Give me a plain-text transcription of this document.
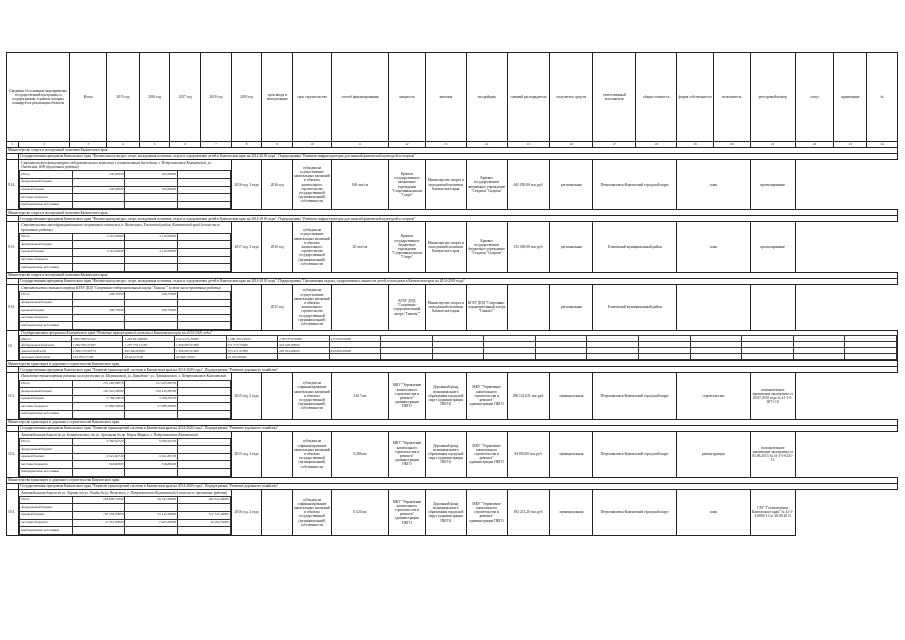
Сведения об основных мероприятиях государственной программы и подпрограммы, в рамках которых планируется реализация объектов	Итого	2015 год	2016 год	2017 год	2018 год	2019 год	срок ввода в эксплуатацию	срок строительства	способ финансирования	мощность	заказчик	застройщик	главный распорядитель	получатель средств	ответственный исполнитель	общая стоимость	форма собственности	исполнитель	реестровый номер	статус	примечание	№
1	2	3	4	5	6	7	8	9	10	11	12	13	14	15	16	17	18	19	20	21	22	23	24
Министерство спорта и молодежной политики Камчатского края
	Государственная программа Камчатского края "Физическая культура, спорт, молодежная политика, отдых и оздоровление детей в Камчатском крае на 2014-2018 годы". Подпрограмма "Развитие инфраструктуры для занятий физической культурой и спортом"
9.14.	
Строительство физкультурно-оздоровительного комплекса с плавательным бассейном, г. Петропавловск-Камчатский, ул. Онежская, 8/09 (проектные работы)
Итого	100,00000	100,00000	
федеральный бюджет			
краевой бюджет	100,00000	100,00000	
местные бюджеты			
внебюджетные источники			
	2016 год, 3 года	2016 год	субсидия на осуществление капитальных вложений в объекты капитального строительства государственной (муниципальной) собственности	168 чел/см	Краевое государственное автономное учреждение "Спортивная школа "Спорт"	Министерство спорта и молодежной политики Камчатского края	Краевое государственное автономное учреждение "Стадион "Спартак"	645 050,00 тыс.руб.	региональная	Петропавловск-Камчатский городской округ	план	проектирование
Министерство спорта и молодежной политики Камчатского края
	Государственная программа Камчатского края "Физическая культура, спорт, молодежная политика, отдых и оздоровление детей в Камчатском крае на 2014-2018 годы". Подпрограмма "Развитие инфраструктуры для занятий физической культурой и спортом"
9.15.	
Строительство многофункционального спортивного комплекса, п. Вилючинск, Елизовский район, Камчатский край (в том числе проектные работы)
Итого	2 110,09000	2 110,09000	
федеральный бюджет			
краевой бюджет	2 110,09000	2 110,09000	
местные бюджеты			
внебюджетные источники			
	2017 год, 3 года	2016 год	субсидия на осуществление капитальных вложений в объекты капитального строительства государственной (муниципальной) собственности	20 чел/см	Краевое государственное бюджетное учреждение "Спортивная школа "Спорт"	Министерство спорта и молодежной политики Камчатского края	Краевое государственное бюджетное учреждение "Стадион "Спартак"	135 000,00 тыс.руб.	региональная	Елизовский муниципальный район	план	проектирование
Министерство спорта и молодежной политики Камчатского края
	Государственная программа Камчатского края "Физическая культура, спорт, молодежная политика, отдых и оздоровление детей в Камчатском крае на 2014-2018 годы". Подпрограмма "Организация отдыха, оздоровления и занятости детей и молодежи в Камчатском крае на 2014-2018 годы"
9.16.	
Строительство спального корпуса КГАУ ДОД "Спортивно-оздоровительный лагерь "Ганалы"" (в том числе проектные работы)
Итого	168,75000	168,75000	
федеральный бюджет			
краевой бюджет	168,75000	168,75000	
местные бюджеты			
внебюджетные источники			
		2015 год	субсидия на осуществление капитальных вложений в объекты капитального строительства государственной (муниципальной) собственности		КГАУ ДОД "Спортивно-оздоровительный лагерь "Ганалы""	Министерство спорта и молодежной политики Камчатского края	КГАУ ДОД "Спортивно-оздоровительный лагерь "Ганалы""		региональная	Елизовский муниципальный район		
10.	
Государственная программа Камчатского края "Развитие транспортной системы в Камчатском крае на 2014-2020 годы"
Итого	3 807 863,91912	1 405 841,80900	1 014 271,39900	1 286 470,72900	1 007 879,90000	915 000,00000										
федеральный бюджет	1 082 081,97187	1 475 779,17187	1 390 087,07000	171 575,73900	345 940,00000											
краевой бюджет	2 389 270,99774	493 482,83500	1 306 087,07000	173 471,97000	240 014,00000	816 800,00000										
местные бюджеты	139 930,77100	40 424,77100	26 966,77000	25 079,00000												

Министерство транспорта и дорожного строительства Камчатского края
	Государственная программа Камчатского края "Развитие транспортной системы в Камчатском крае на 2014-2020 годы". Подпрограмма "Развитие дорожного хозяйства"
10.1.	
Пешеходно-транспортная развязка на пересечении ул. Пограничной, ул. Давыдова - ул. Лукашевского, г. Петропавловск-Камчатский
Итого	151 265,08576	151 265,08576	
федеральный бюджет	120 416,38500	120 416,38500	
краевой бюджет	3 768,20076	3 768,20076	
местные бюджеты	27 080,50000	27 080,50000	
внебюджетные источники			
	2015 год, 2 года		субсидия на софинансирование капитальных вложений в объекты государственной (муниципальной) собственности	3,617 км	МКУ "Управление капитального строительства и ремонта" администрации ПКГО	Дорожный фонд муниципального образования городской округ (администрация ПКГО)	МКУ "Управление капитального строительства и ремонта" администрации ПКГО	298 141,021 тыс.руб.	муниципальная	Петропавловск-Камчатский городской округ	строительство	положительное заключение экспертизы от 29.07.2010 года № 41-1-5-0071-10
Министерство транспорта и дорожного строительства Камчатского края
	Государственная программа Камчатского края "Развитие транспортной системы в Камчатском крае на 2014-2020 годы". Подпрограмма "Развитие дорожного хозяйства"
10.2.	
Автомобильная дорога по ул. Ботаническая, от ул. Арсеньева до пр. Карла Маркса, г. Петропавловск-Камчатский
Итого	9 560,62729	9 560,62729	
федеральный бюджет			
краевой бюджет	9 041,82729	9 041,82729	
местные бюджеты	518,80000	518,80000	
внебюджетные источники			
	2015 год, 2 года		субсидия на софинансирование капитальных вложений в объекты государственной (муниципальной) собственности	0,286 км	МКУ "Управление капитального строительства и ремонта" администрации ПКГО	Дорожный фонд муниципального образования городской округ (администрация ПКГО)	МКУ "Управление капитального строительства и ремонта" администрации ПКГО	84 850,00 тыс.руб.	муниципальная	Петропавловск-Камчатский городской округ	реконструкция	положительное заключение экспертизы от 05.06.2013 № 41-1-5-0121-13
Министерство транспорта и дорожного строительства Камчатского края
	Государственная программа Камчатского края "Развитие транспортной системы в Камчатском крае на 2014-2020 годы". Подпрограмма "Развитие дорожного хозяйства"
10.3.	
Автомобильная дорога по ул. Ларина от ул. Улыбы до ул. Вольского, г. Петропавловск-Камчатский (в том числе проектные работы)
Итого	218 809,72000	36 547,28000	182 022,48000
федеральный бюджет			
краевой бюджет	197 204,90000	25 142,28000	172 147,48000
местные бюджеты	21 561,90000	2 405,00000	18 164,50000
внебюджетные источники			
	2016 год, 2 года		субсидия на софинансирование капитальных вложений в объекты государственной (муниципальной) собственности	0,520 км	МКУ "Управление капитального строительства и ремонта" администрации ПКГО	Дорожный фонд муниципального образования городской округ (администрация ПКГО)	МКУ "Управление капитального строительства и ремонта" администрации ПКГО	394 213,20 тыс.руб.	муниципальная	Петропавловск-Камчатский городской округ	план	ГАУ "Госэкспертиза Камчатского края" № 41-1-4-0085-13 от 20.08.2013
